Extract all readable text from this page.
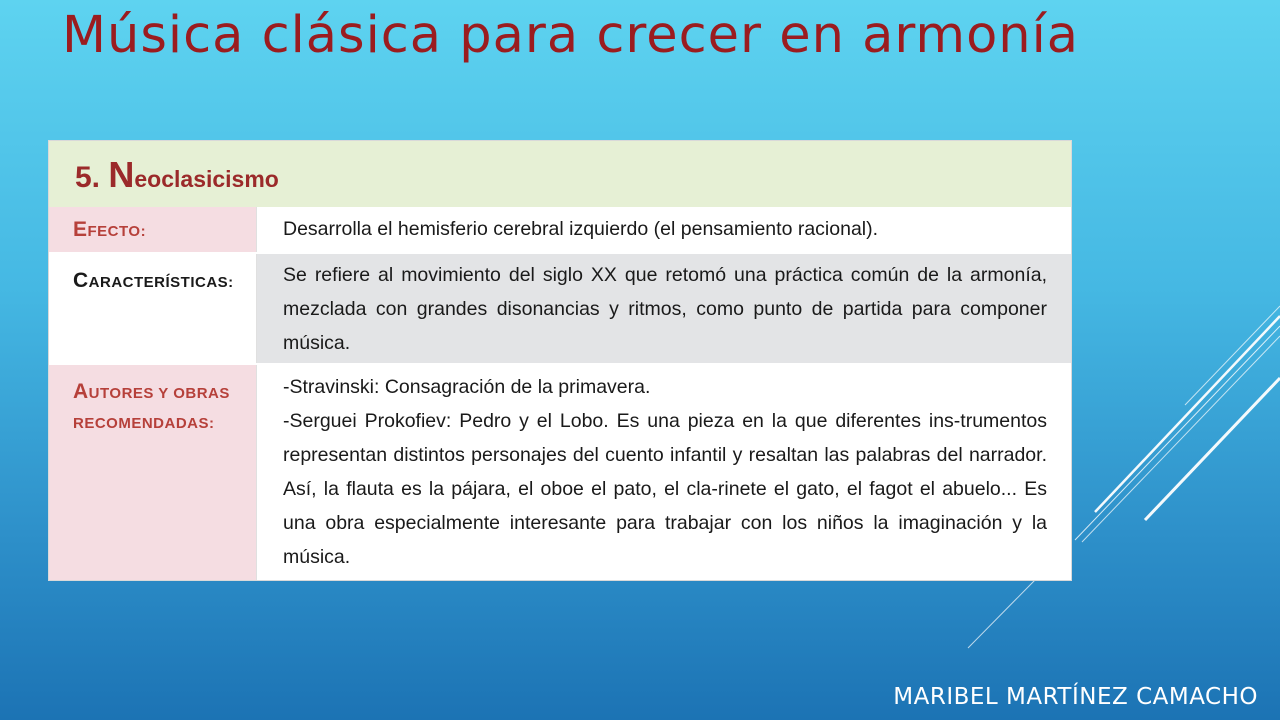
Música clásica para crecer en armonía
5. Neoclasicismo
EFECTO:	Desarrolla el hemisferio cerebral izquierdo (el pensamiento racional).

CARACTERÍSTICAS:	Se refiere al movimiento del siglo XX que retomó una práctica común de la armonía, mezclada con grandes disonancias y ritmos, como punto de partida para componer música.

AUTORES Y OBRAS RECOMENDADAS:

-Stravinski: Consagración de la primavera.

-Serguei Prokofiev: Pedro y el Lobo. Es una pieza en la que diferentes ins-trumentos representan distintos personajes del cuento infantil y resaltan las palabras del narrador. Así, la flauta es la pájara, el oboe el pato, el cla-rinete el gato, el fagot el abuelo... Es una obra especialmente interesante para trabajar con los niños la imaginación y la música.

MARIBEL MARTÍNEZ CAMACHO
